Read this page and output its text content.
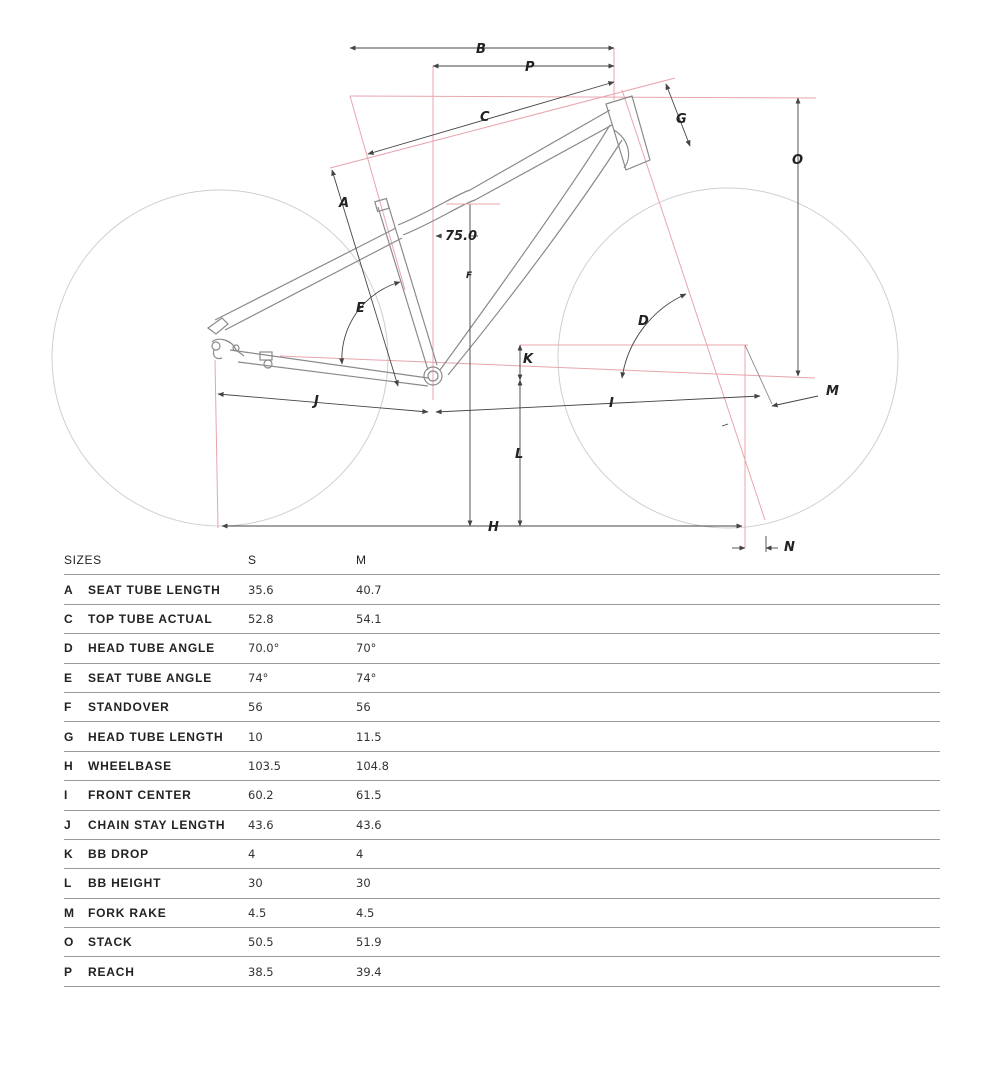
B
P
C	G
O
A
75.0
F
E
D
K
M
J	I
L
H
N
SIZES		S	M	
A	SEAT TUBE LENGTH	35.6	40.7	
C	TOP TUBE ACTUAL	52.8	54.1	
D	HEAD TUBE ANGLE	70.0°	70°	
E	SEAT TUBE ANGLE	74°	74°	
F	STANDOVER	56	56	
G	HEAD TUBE LENGTH	10	11.5	
H	WHEELBASE	103.5	104.8	
I	FRONT CENTER	60.2	61.5	
J	CHAIN STAY LENGTH	43.6	43.6	
K	BB DROP	4	4	
L	BB HEIGHT	30	30	
M	FORK RAKE	4.5	4.5	
O	STACK	50.5	51.9	
P	REACH	38.5	39.4	
